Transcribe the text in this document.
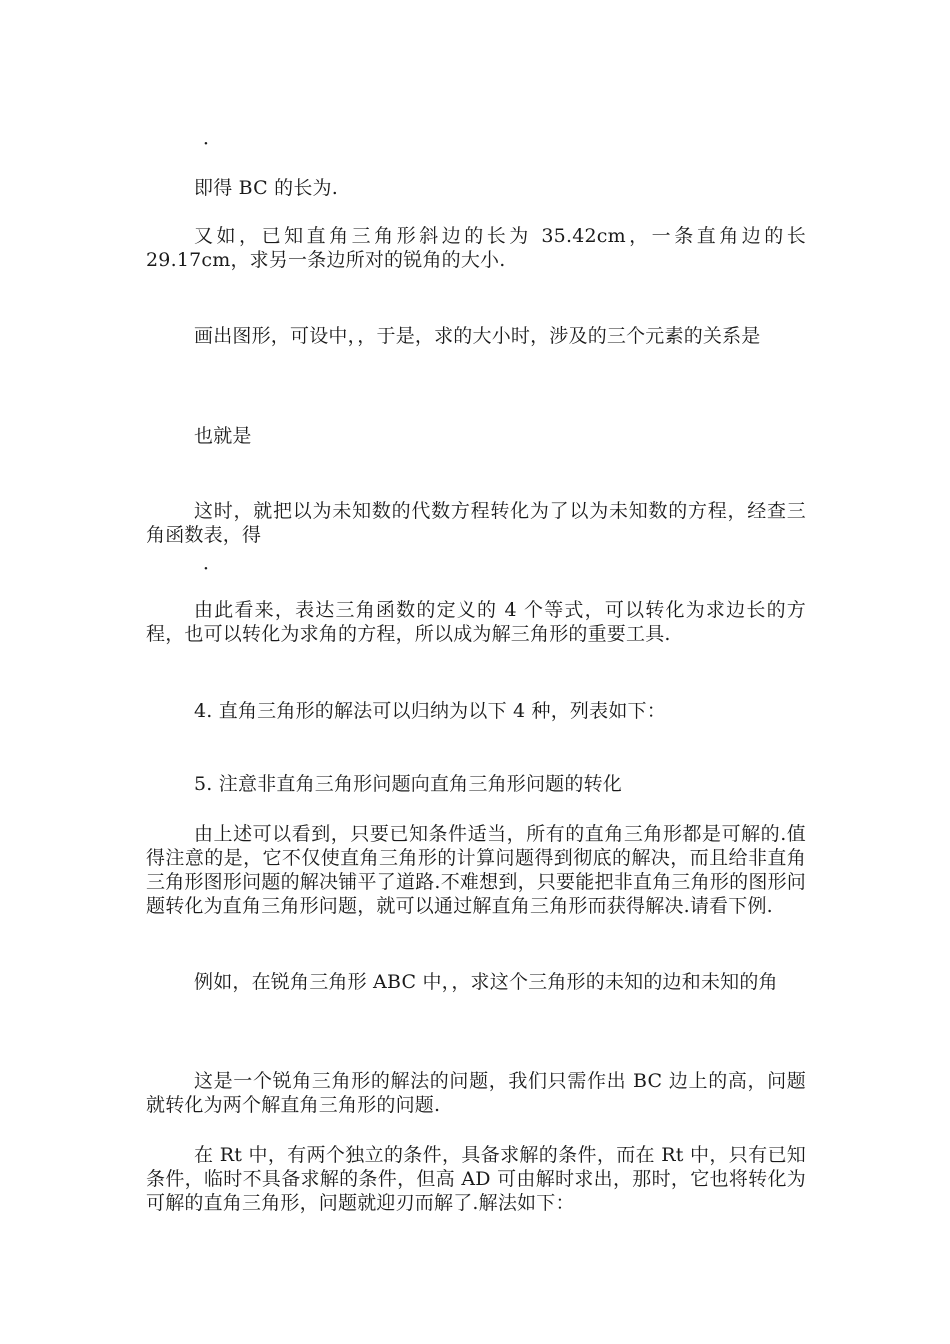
．

即得 BC 的长为.

又如，已知直角三角形斜边的长为 35.42cm，一条直角边的长 29.17cm，求另一条边所对的锐角的大小.

画出图形，可设中，，于是，求的大小时，涉及的三个元素的关系是

也就是

这时，就把以为未知数的代数方程转化为了以为未知数的方程，经查三角函数表，得

．

由此看来，表达三角函数的定义的 4 个等式，可以转化为求边长的方程，也可以转化为求角的方程，所以成为解三角形的重要工具.

4. 直角三角形的解法可以归纳为以下 4 种，列表如下：

5. 注意非直角三角形问题向直角三角形问题的转化

由上述可以看到，只要已知条件适当，所有的直角三角形都是可解的.值得注意的是，它不仅使直角三角形的计算问题得到彻底的解决，而且给非直角三角形图形问题的解决铺平了道路.不难想到，只要能把非直角三角形的图形问题转化为直角三角形问题，就可以通过解直角三角形而获得解决.请看下例.

例如，在锐角三角形 ABC 中，，求这个三角形的未知的边和未知的角

这是一个锐角三角形的解法的问题，我们只需作出 BC 边上的高，问题就转化为两个解直角三角形的问题.

在 Rt 中，有两个独立的条件，具备求解的条件，而在 Rt 中，只有已知条件，临时不具备求解的条件，但高 AD 可由解时求出，那时，它也将转化为可解的直角三角形，问题就迎刃而解了.解法如下：
